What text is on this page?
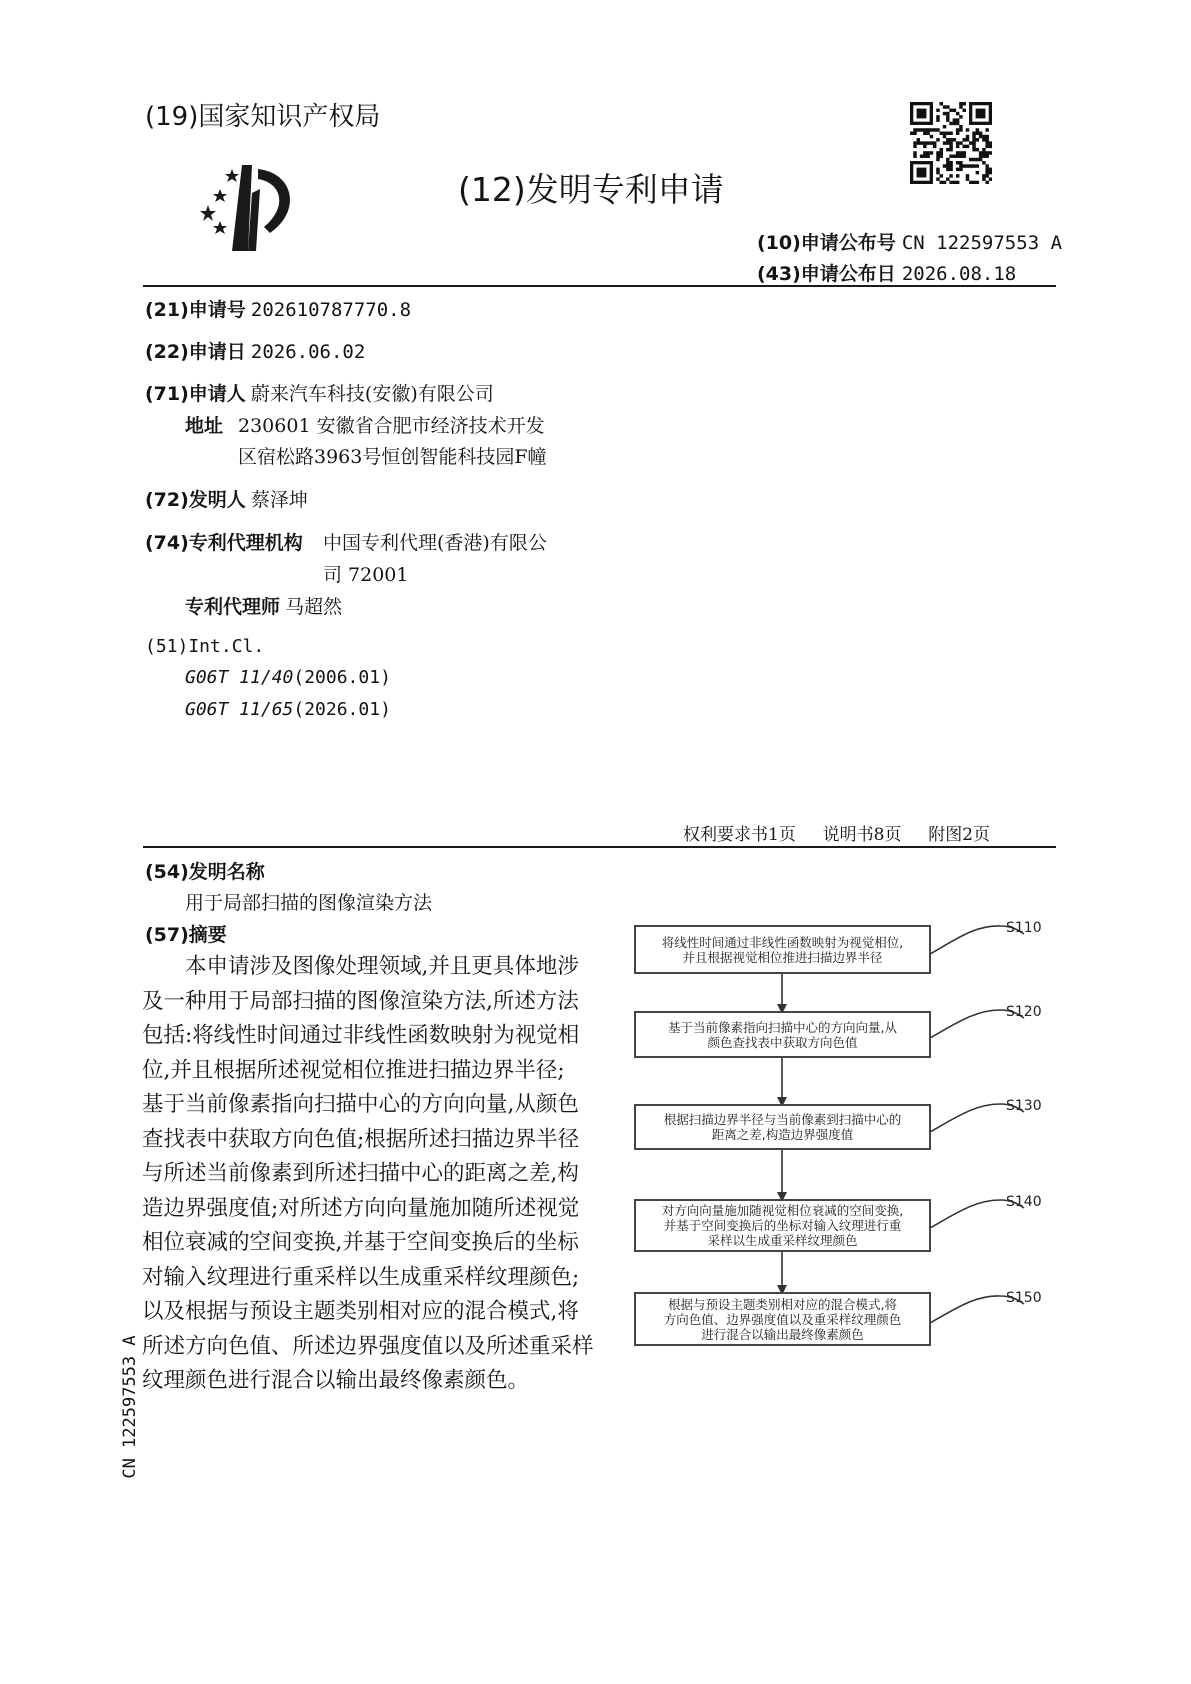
(19)国家知识产权局
(12)发明专利申请
(10)申请公布号 CN 122597553 A
(43)申请公布日 2026.08.18
(21)申请号 202610787770.8
(22)申请日 2026.06.02
(71)申请人 蔚来汽车科技(安徽)有限公司
地址 230601 安徽省合肥市经济技术开发
区宿松路3963号恒创智能科技园F幢
(72)发明人 蔡泽坤
(74)专利代理机构 中国专利代理(香港)有限公
司 72001
专利代理师 马超然
(51)Int.Cl.
G06T 11/40(2006.01)
G06T 11/65(2026.01)
权利要求书1页 说明书8页 附图2页
(54)发明名称
用于局部扫描的图像渲染方法
(57)摘要
本申请涉及图像处理领域,并且更具体地涉
及一种用于局部扫描的图像渲染方法,所述方法
包括:将线性时间通过非线性函数映射为视觉相
位,并且根据所述视觉相位推进扫描边界半径;
基于当前像素指向扫描中心的方向向量,从颜色
查找表中获取方向色值;根据所述扫描边界半径
与所述当前像素到所述扫描中心的距离之差,构
造边界强度值;对所述方向向量施加随所述视觉
相位衰减的空间变换,并基于空间变换后的坐标
对输入纹理进行重采样以生成重采样纹理颜色;
以及根据与预设主题类别相对应的混合模式,将
所述方向色值、所述边界强度值以及所述重采样
纹理颜色进行混合以输出最终像素颜色。
将线性时间通过非线性函数映射为视觉相位,
并且根据视觉相位推进扫描边界半径
S110
基于当前像素指向扫描中心的方向向量,从
颜色查找表中获取方向色值
S120
根据扫描边界半径与当前像素到扫描中心的
距离之差,构造边界强度值
S130
对方向向量施加随视觉相位衰减的空间变换,
并基于空间变换后的坐标对输入纹理进行重
采样以生成重采样纹理颜色
S140
根据与预设主题类别相对应的混合模式,将
方向色值、边界强度值以及重采样纹理颜色
进行混合以输出最终像素颜色
S150
CN 122597553 A
